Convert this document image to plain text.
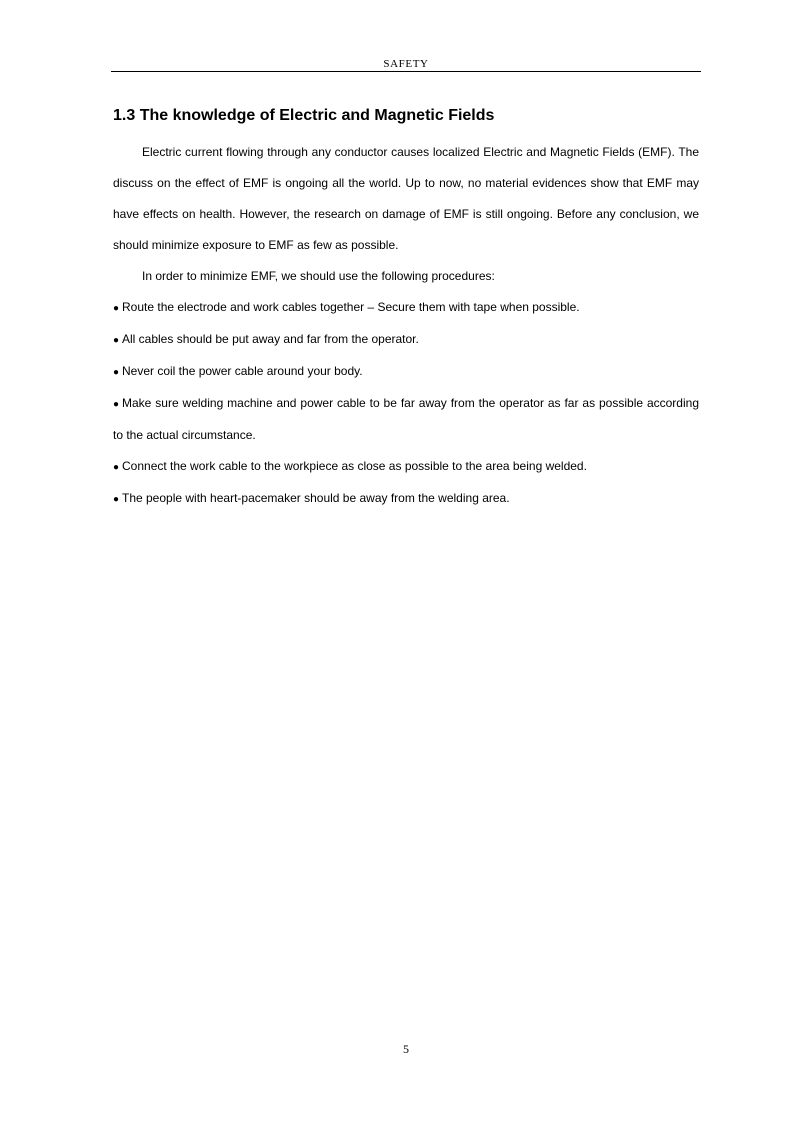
SAFETY
1.3 The knowledge of Electric and Magnetic Fields

Electric current flowing through any conductor causes localized Electric and Magnetic Fields (EMF). The discuss on the effect of EMF is ongoing all the world. Up to now, no material evidences show that EMF may have effects on health. However, the research on damage of EMF is still ongoing. Before any conclusion, we should minimize exposure to EMF as few as possible.

In order to minimize EMF, we should use the following procedures:

● Route the electrode and work cables together – Secure them with tape when possible.
● All cables should be put away and far from the operator.
● Never coil the power cable around your body.
● Make sure welding machine and power cable to be far away from the operator as far as possible according to the actual circumstance.
● Connect the work cable to the workpiece as close as possible to the area being welded.
● The people with heart-pacemaker should be away from the welding area.
5
